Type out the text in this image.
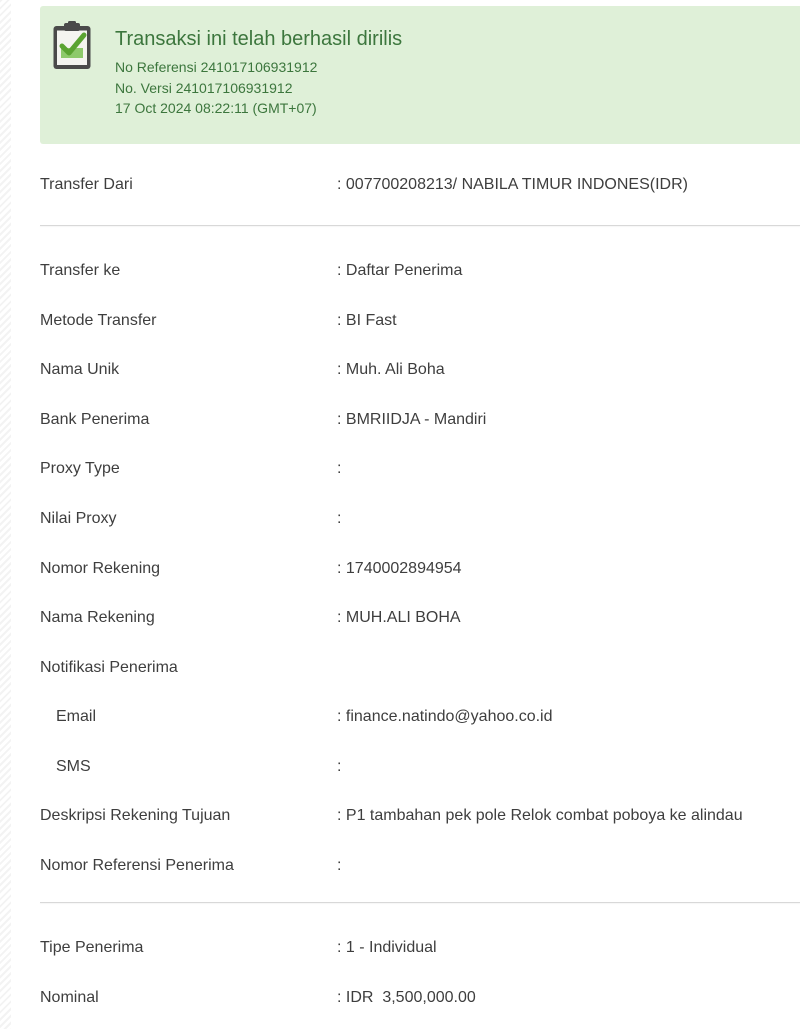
Transaksi ini telah berhasil dirilis
No Referensi 241017106931912
No. Versi 241017106931912
17 Oct 2024 08:22:11 (GMT+07)
Transfer Dari	: 007700208213/ NABILA TIMUR INDONES(IDR)
Transfer ke	: Daftar Penerima
Metode Transfer	: BI Fast
Nama Unik	: Muh. Ali Boha
Bank Penerima	: BMRIIDJA - Mandiri
Proxy Type	:
Nilai Proxy	:
Nomor Rekening	: 1740002894954
Nama Rekening	: MUH.ALI BOHA
Notifikasi Penerima
Email	: finance.natindo@yahoo.co.id
SMS	:
Deskripsi Rekening Tujuan	: P1 tambahan pek pole Relok combat poboya ke alindau
Nomor Referensi Penerima	:
Tipe Penerima	: 1 - Individual
Nominal	: IDR  3,500,000.00
